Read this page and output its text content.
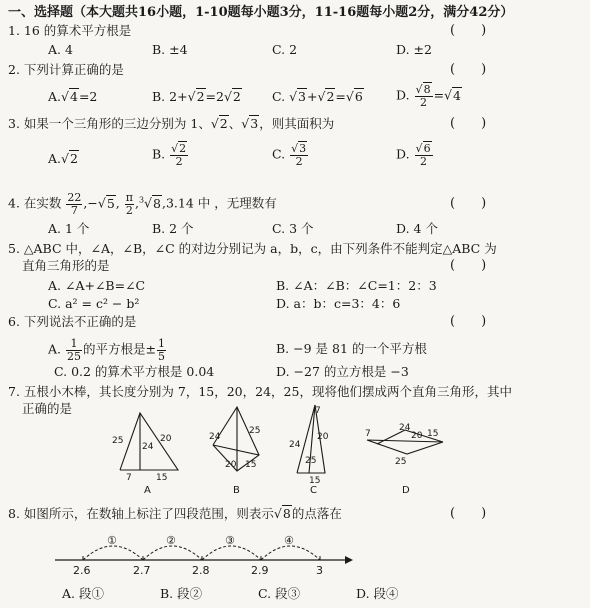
一、选择题（本大题共16小题，1-10题每小题3分，11-16题每小题2分，满分42分）
1. 16 的算术平方根是	(　　)
A. 4	B. ±4	C. 2	D. ±2
2. 下列计算正确的是	(　　)
A.√4=2	B. 2+√2=2√2 C. √3+√2=√6	D. $\frac{√8}{2} =√4$
3. 如果一个三角形的三边分别为 1、√2、√3，则其面积为	(　　)
A.√2	B. $\frac{√2}{2}$	C. $\frac{√3}{2}$	D. $\frac{√6}{2}$
4. 在实数 $\frac{22}{7} ,-√5$, $\frac{\pi}{2} ,^3√8,3.14$ 中 ，无理数有	(　　)
A. 1 个	B. 2 个	C. 3 个	D. 4 个
5. △ABC 中，∠A，∠B，∠C 的对边分别记为 a，b，c，由下列条件不能判定△ABC 为
直角三角形的是	(　　)
A. ∠A+∠B=∠C	B. ∠A：∠B：∠C=1：2：3
C. a² = c² − b²	D. a：b：c=3：4：6
6. 下列说法不正确的是	(　　)
A. $\frac{1}{25}$ 的平方根是± $\frac{1}{5}$	B. −9 是 81 的一个平方根
C. 0.2 的算术平方根是 0.04	D. −27 的立方根是 −3
7. 五根小木棒，其长度分别为 7，15，20，24，25，现将他们摆成两个直角三角形，其中
正确的是
25	20
24
7	15
A
24
25
20 15
B
7
24
20
25
15
C
7
24
20 15
25
D
8. 如图所示，在数轴上标注了四段范围，则表示√8的点落在	(　　)
①	②	③	④
2.6	2.7	2.8	2.9	3
A. 段①	B. 段②	C. 段③	D. 段④
